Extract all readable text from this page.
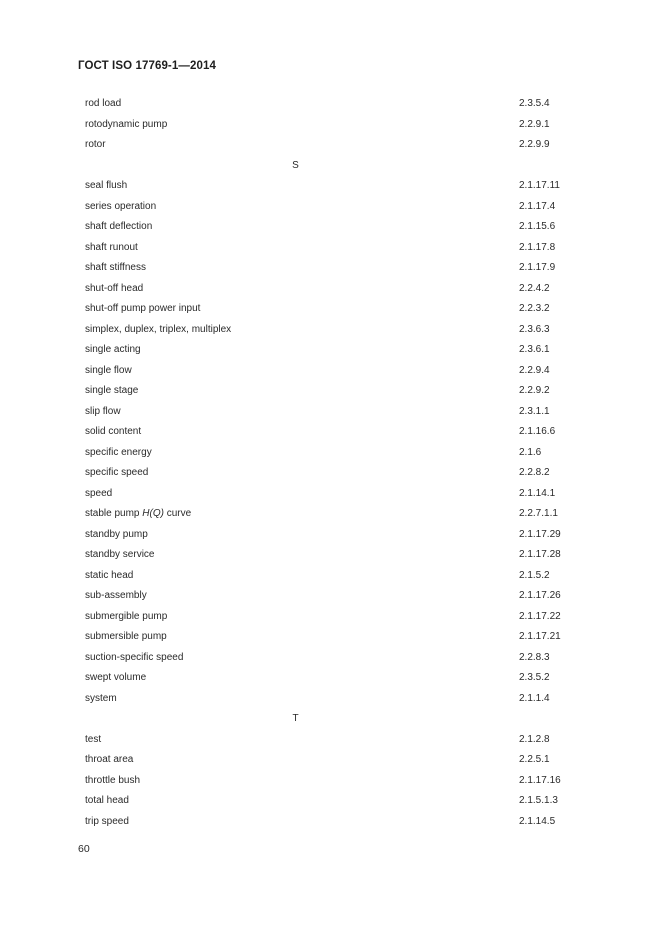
ГОСТ ISO 17769-1—2014
rod load	2.3.5.4
rotodynamic pump	2.2.9.1
rotor	2.2.9.9
S
seal flush	2.1.17.11
series operation	2.1.17.4
shaft deflection	2.1.15.6
shaft runout	2.1.17.8
shaft stiffness	2.1.17.9
shut-off head	2.2.4.2
shut-off pump power input	2.2.3.2
simplex, duplex, triplex, multiplex	2.3.6.3
single acting	2.3.6.1
single flow	2.2.9.4
single stage	2.2.9.2
slip flow	2.3.1.1
solid content	2.1.16.6
specific energy	2.1.6
specific speed	2.2.8.2
speed	2.1.14.1
stable pump H(Q) curve	2.2.7.1.1
standby pump	2.1.17.29
standby service	2.1.17.28
static head	2.1.5.2
sub-assembly	2.1.17.26
submergible pump	2.1.17.22
submersible pump	2.1.17.21
suction-specific speed	2.2.8.3
swept volume	2.3.5.2
system	2.1.1.4
T
test	2.1.2.8
throat area	2.2.5.1
throttle bush	2.1.17.16
total head	2.1.5.1.3
trip speed	2.1.14.5
60
